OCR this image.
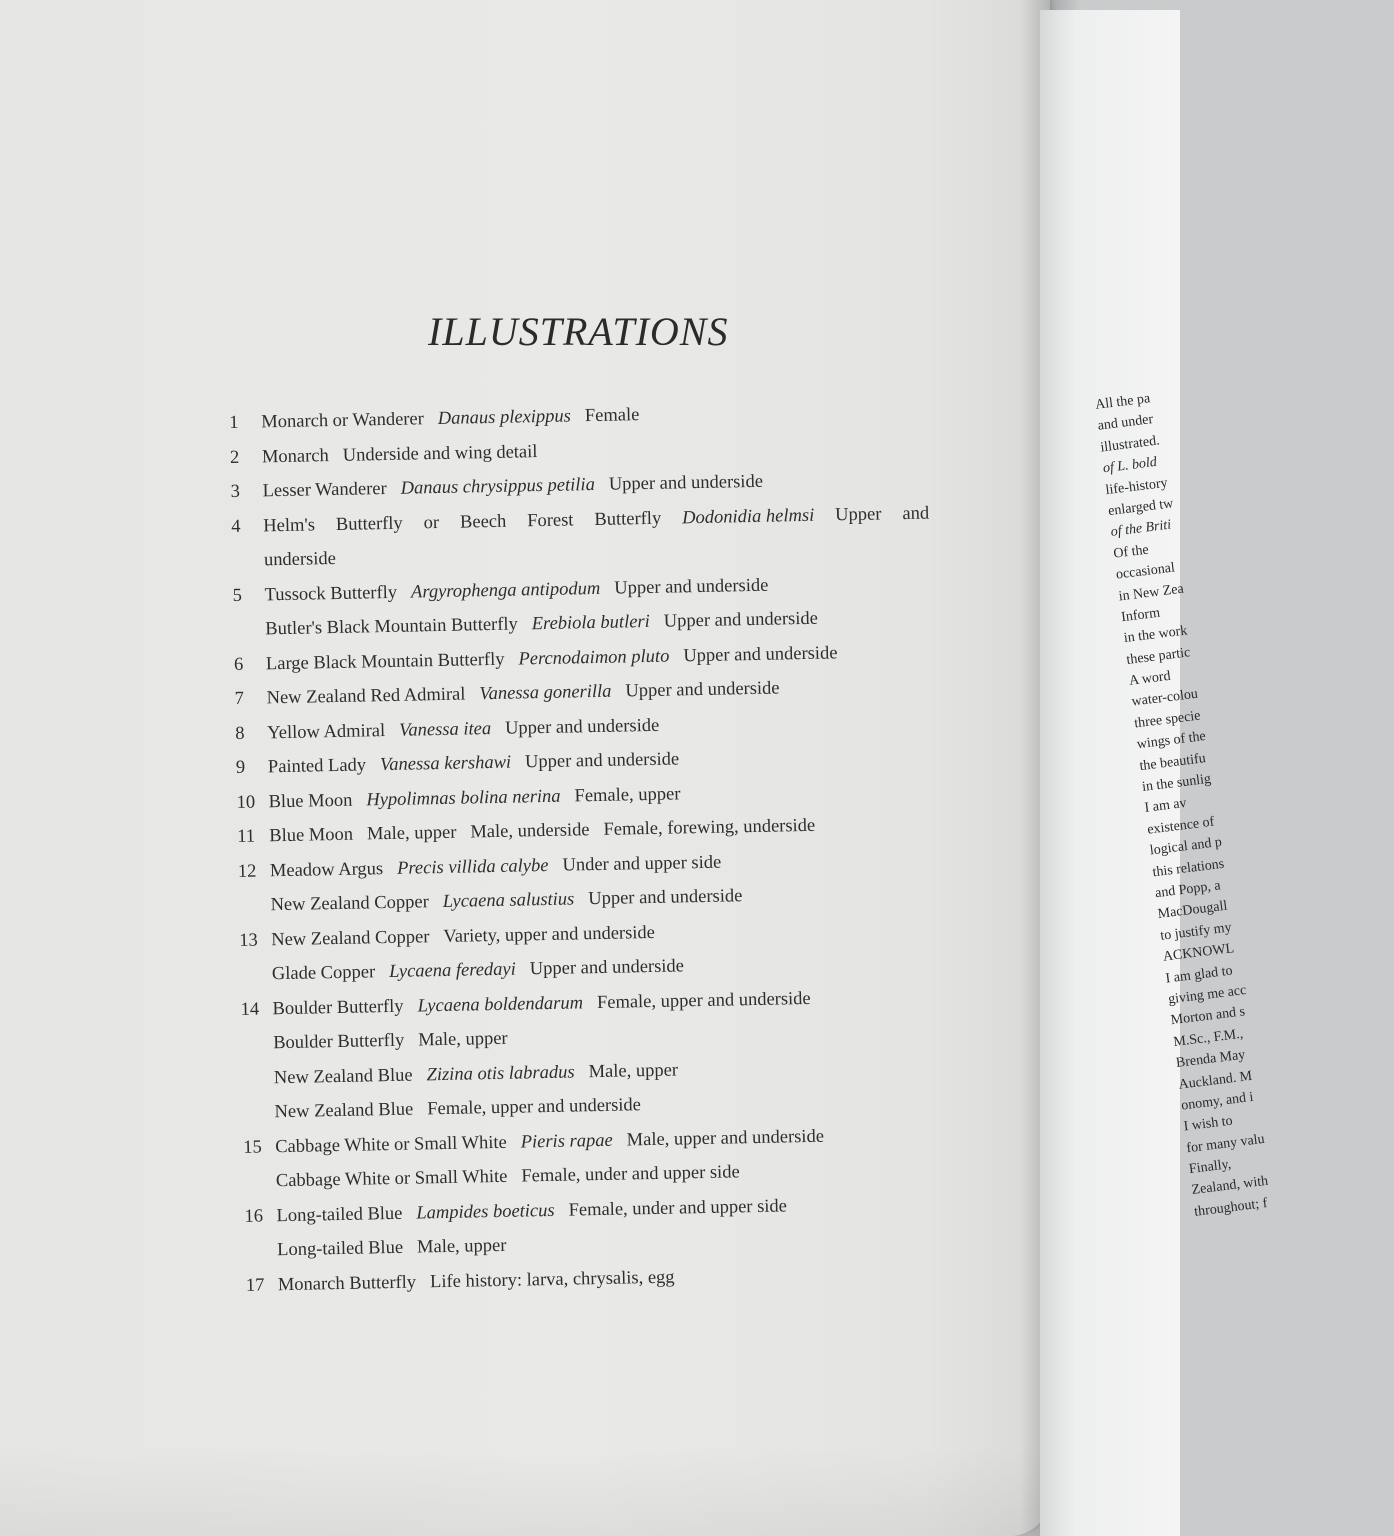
ILLUSTRATIONS
1	Monarch or Wanderer Danaus plexippus Female
2	Monarch Underside and wing detail
3	Lesser Wanderer Danaus chrysippus petilia Upper and underside
4	Helm's Butterfly or Beech Forest Butterfly Dodonidia helmsi Upper and
underside
5	Tussock Butterfly Argyrophenga antipodum Upper and underside
Butler's Black Mountain Butterfly Erebiola butleri Upper and underside
6	Large Black Mountain Butterfly Percnodaimon pluto Upper and underside
7	New Zealand Red Admiral Vanessa gonerilla Upper and underside
8	Yellow Admiral Vanessa itea Upper and underside
9	Painted Lady Vanessa kershawi Upper and underside
10 Blue Moon Hypolimnas bolina nerina Female, upper
11 Blue Moon Male, upper Male, underside Female, forewing, underside
12 Meadow Argus Precis villida calybe Under and upper side
New Zealand Copper Lycaena salustius Upper and underside
13 New Zealand Copper Variety, upper and underside
Glade Copper Lycaena feredayi Upper and underside
14 Boulder Butterfly Lycaena boldendarum Female, upper and underside
Boulder Butterfly Male, upper
New Zealand Blue Zizina otis labradus Male, upper
New Zealand Blue Female, upper and underside
15 Cabbage White or Small White Pieris rapae Male, upper and underside
Cabbage White or Small White Female, under and upper side
16 Long-tailed Blue Lampides boeticus Female, under and upper side
Long-tailed Blue Male, upper
17 Monarch Butterfly Life history: larva, chrysalis, egg
All the pa
and under
illustrated.
of L. bold
life-history
enlarged tw
of the Briti
Of the
occasional
in New Zea
Inform
in the work
these partic
A word
water-colou
three specie
wings of the
the beautifu
in the sunlig
I am av
existence of
logical and p
this relations
and Popp, a
MacDougall
to justify my
ACKNOWL
I am glad to
giving me acc
Morton and s
M.Sc., F.M.,
Brenda May
Auckland. M
onomy, and i
I wish to
for many valu
Finally,
Zealand, with
throughout; f
